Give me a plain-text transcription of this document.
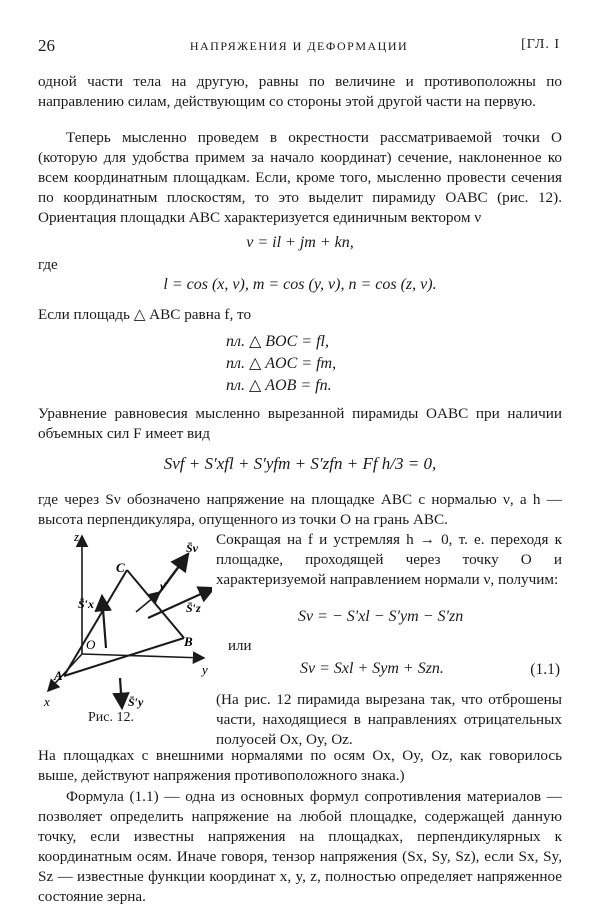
26	НАПРЯЖЕНИЯ И ДЕФОРМАЦИИ	[ГЛ. I
одной части тела на другую, равны по величине и противоположны по направлению силам, действующим со стороны этой другой части на первую.
Теперь мысленно проведем в окрестности рассматриваемой точки O (которую для удобства примем за начало координат) сечение, наклоненное ко всем координатным площадкам. Если, кроме того, мысленно провести сечения по координатным плоскостям, то это выделит пирамиду OABC (рис. 12). Ориентация площадки ABC характеризуется единичным вектором ν
ν = il + jm + kn,
где
l = cos (x, ν), m = cos (y, ν), n = cos (z, ν).
Если площадь △ ABC равна f, то
пл. △ BOC = fl,
пл. △ AOC = fm,
пл. △ AOB = fn.
Уравнение равновесия мысленно вырезанной пирамиды OABC при наличии объемных сил F имеет вид
Sνf + S′xfl + S′yfm + S′zfn + Ff h/3 = 0,
где через Sν обозначено напряжение на площадке ABC с нормалью ν, а h — высота перпендикуляра, опущенного из точки O на грань ABC.
Сокращая на f и устремляя h → 0, т. е. переходя к площадке, проходящей через точку O и характеризуемой направлением нормали ν, получим:
Sν = − S′xl − S′ym − S′zn
или
Sν = Sxl + Sym + Szn.	(1.1)
(На рис. 12 пирамида вырезана так, что отброшены части, находящиеся в направлениях отрицательных полуосей Ox, Oy, Oz.
На площадках с внешними нормалями по осям Ox, Oy, Oz, как говорилось выше, действуют напряжения противоположного знака.)
Формула (1.1) — одна из основных формул сопротивления материалов — позволяет определить напряжение на любой площадке, содержащей данную точку, если известны напряжения на площадках, перпендикулярных к координатным осям. Иначе говоря, тензор напряжения (Sx, Sy, Sz), если Sx, Sy, Sz — известные функции координат x, y, z, полностью определяет напряженное состояние зерна.
z
y
x
O
A
B
C
S̄ν
ν̄
S̄′z
S̄′x
S̄′y
Рис. 12.
